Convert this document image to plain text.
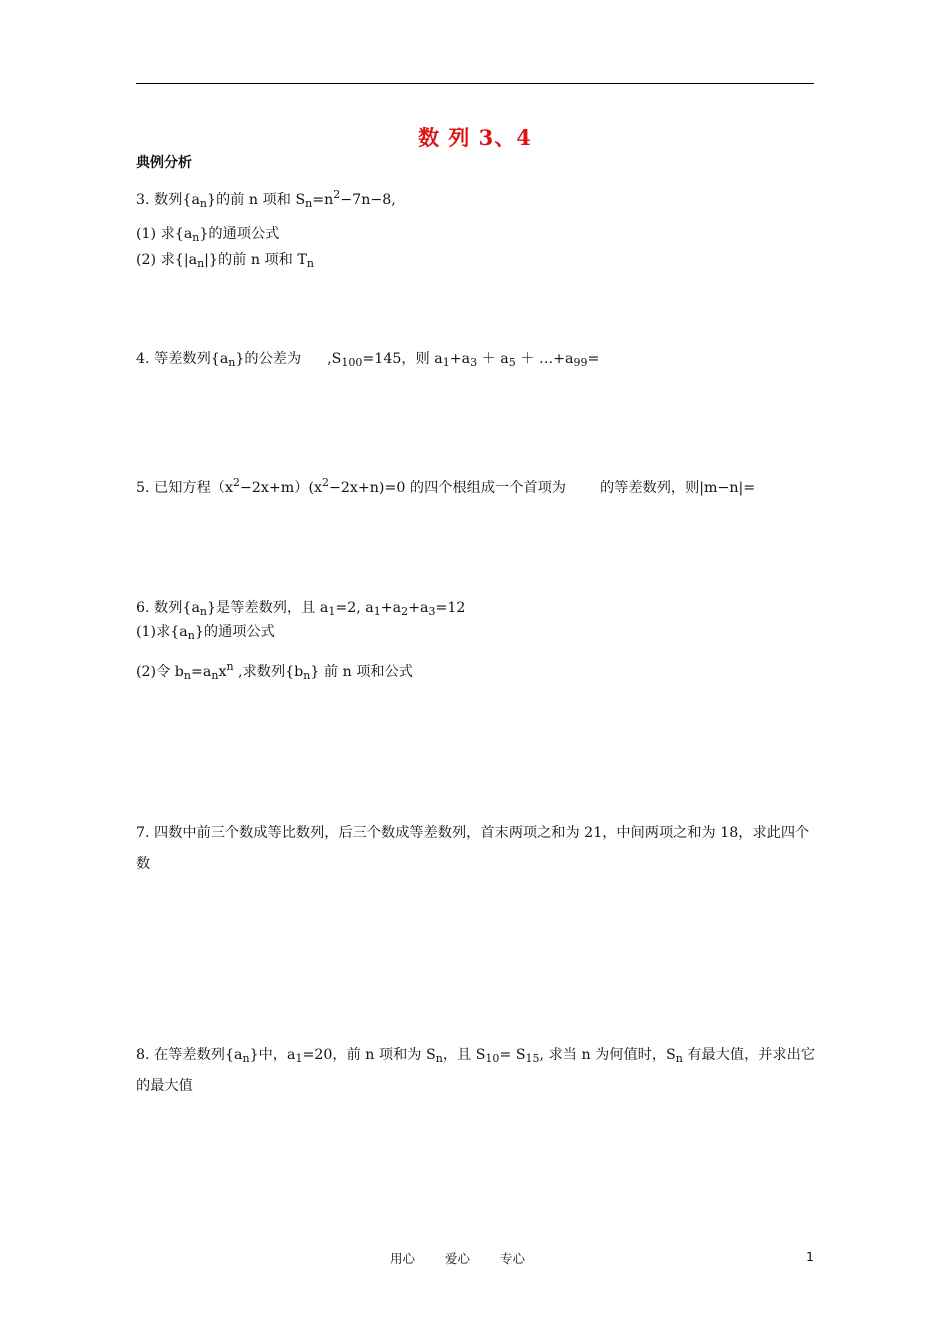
数 列 3、4
典例分析
3. 数列$\{a_n\}$的前 n 项和 $S_n=n^2-7n-8$,
(1) 求$\{a_n\}$的通项公式
(2) 求$\{|a_n|\}$的前 n 项和 $T_n$
4. 等差数列$\{a_n\}$的公差为 $,S_{100}=145$，则 $a_1+a_3 + a_5$ ＋ $\dots+a_{99}=$
5. 已知方程$(x^2-2x+m)(x^2-2x+n)=0$ 的四个根组成一个首项为 的等差数列，则|m−n|=
6. 数列$\{a_n\}$是等差数列，且 $a_1=2$, $a_1+a_2+a_3=12$
(1)求$\{a_n\}$的通项公式
(2)令 $b_n=a_nx^n$ ,求数列$\{b_n\}$ 前 n 项和公式
7. 四数中前三个数成等比数列，后三个数成等差数列，首末两项之和为 21，中间两项之和为 18，求此四个数
8. 在等差数列$\{a_n\}$中，$a_1=20$，前 n 项和为 $S_n$，且 $S_{10}= S_{15}$, 求当 n 为何值时，$S_n$ 有最大值，并求出它的最大值
用心 爱心 专心	1
